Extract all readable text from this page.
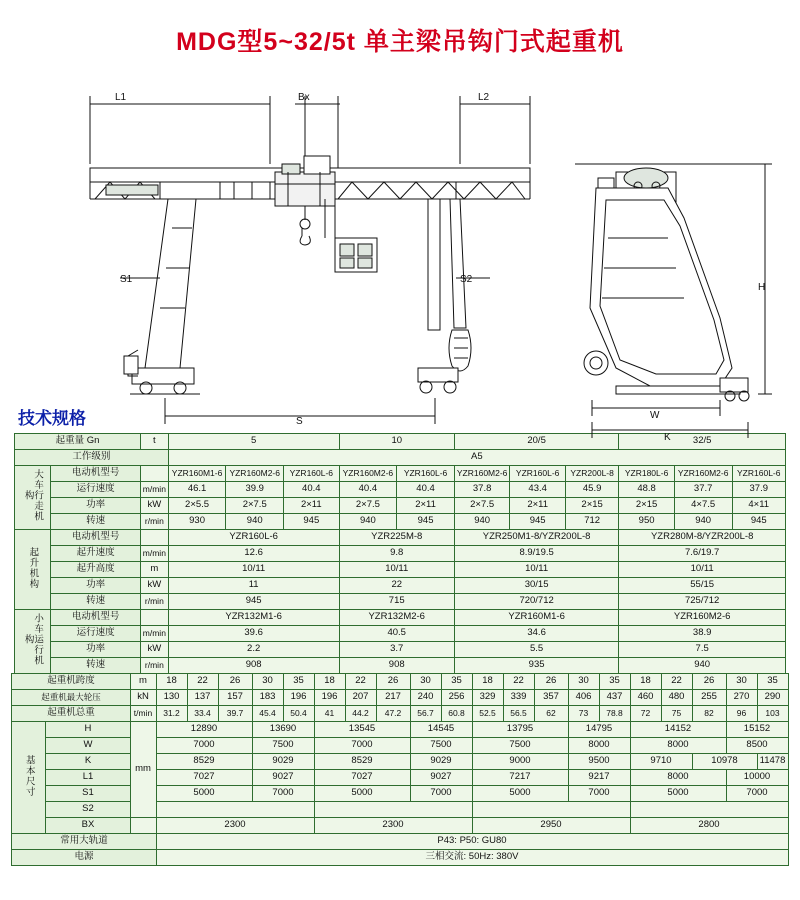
MDG型5~32/5t 单主梁吊钩门式起重机
L1	Bx	L2
S1	S2
S
H
W
K
技术规格
起重量 Gn		t	5			10		20/5			32/5		
工作级别			A5										
大车行走机构	电动机型号		YZR160M1-6	YZR160M2-6	YZR160L-6	YZR160M2-6	YZR160L-6	YZR160M2-6	YZR160L-6	YZR200L-8	YZR180L-6	YZR160M2-6	YZR160L-6
	运行速度	m/min	46.1	39.9	40.4	40.4	40.4	37.8	43.4	45.9	48.8	37.7	37.9
	功率	kW	2×5.5	2×7.5	2×11	2×7.5	2×11	2×7.5	2×11	2×15	2×15	4×7.5	4×11
	转速	r/min	930	940	945	940	945	940	945	712	950	940	945
起升机构	电动机型号		YZR160L-6			YZR225M-8		YZR250M1-8/YZR200L-8			YZR280M-8/YZR200L-8		
	起升速度	m/min	12.6			9.8		8.9/19.5			7.6/19.7		
	起升高度	m	10/11			10/11		10/11			10/11		
	功率	kW	11			22		30/15			55/15		
	转速	r/min	945			715		720/712			725/712		
小车运行机构	电动机型号		YZR132M1-6			YZR132M2-6		YZR160M1-6			YZR160M2-6		
	运行速度	m/min	39.6			40.5		34.6			38.9		
	功率	kW	2.2			3.7		5.5			7.5		
	转速	r/min	908			908		935			940		
起重机跨度		m	18	22	26	30	35	18	22	26	30	35	18	22	26	30	35	18	22	26	30	35
起重机最大轮压		kN	130	137	157	183	196	196	207	217	240	256	329	339	357	406	437	460	480	255	270	290
起重机总重		t/min	31.2	33.4	39.7	45.4	50.4	41	44.2	47.2	56.7	60.8	52.5	56.5	62	73	78.8	72	75	82	96	103
基本尺寸	H	mm	12890			13690		13545			14545		13795			14795		14152			15152	
	W		7000			7500		7000			7500		7500			8000		8000			8500	
	K		8529			9029		8529			9029		9000			9500		9710		10978		11478
	L1		7027			9027		7027			9027		7217			9217		8000			10000	
	S1		5000			7000		5000			7000		5000			7000		5000			7000	
	S2																					
	BX		2300					2300					2950					2800				
常用大轨道			P43: P50: GU80																			
电源			三相交流: 50Hz: 380V																			
